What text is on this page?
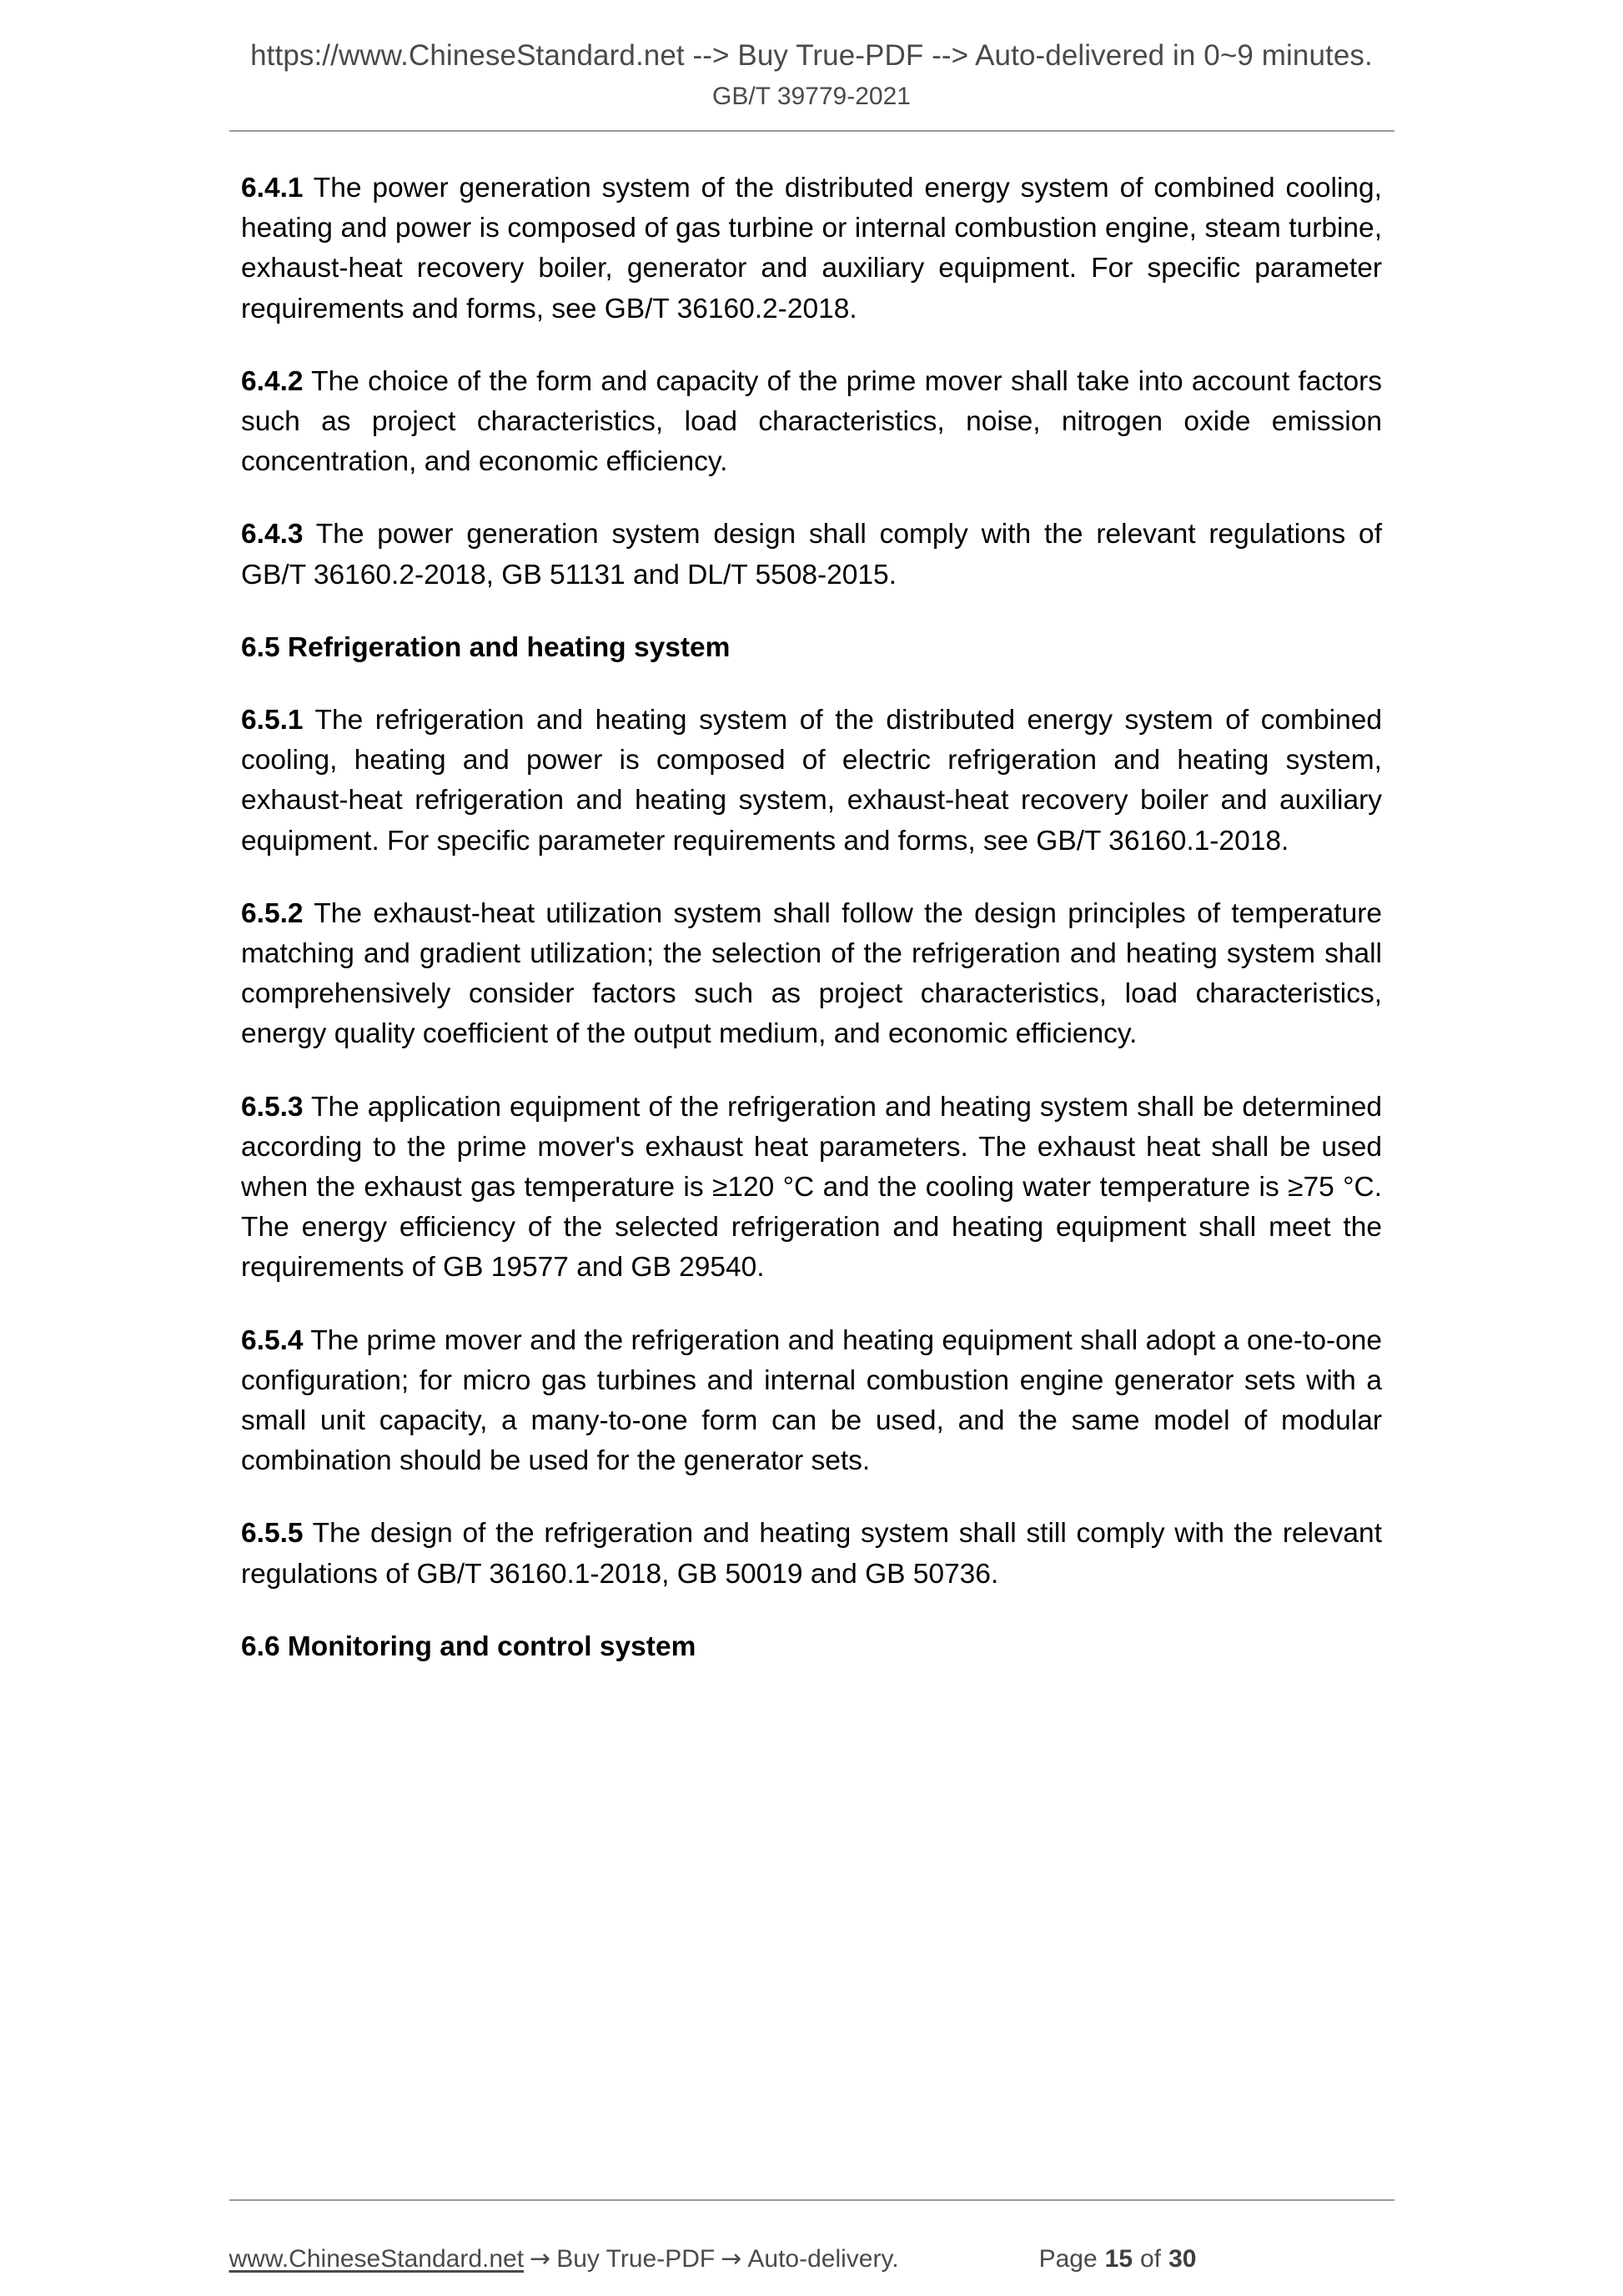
https://www.ChineseStandard.net --> Buy True-PDF --> Auto-delivered in 0~9 minutes.
GB/T 39779-2021

6.4.1 The power generation system of the distributed energy system of combined cooling, heating and power is composed of gas turbine or internal combustion engine, steam turbine, exhaust-heat recovery boiler, generator and auxiliary equipment. For specific parameter requirements and forms, see GB/T 36160.2-2018.

6.4.2 The choice of the form and capacity of the prime mover shall take into account factors such as project characteristics, load characteristics, noise, nitrogen oxide emission concentration, and economic efficiency.

6.4.3 The power generation system design shall comply with the relevant regulations of GB/T 36160.2-2018, GB 51131 and DL/T 5508-2015.

6.5 Refrigeration and heating system

6.5.1 The refrigeration and heating system of the distributed energy system of combined cooling, heating and power is composed of electric refrigeration and heating system, exhaust-heat refrigeration and heating system, exhaust-heat recovery boiler and auxiliary equipment. For specific parameter requirements and forms, see GB/T 36160.1-2018.

6.5.2 The exhaust-heat utilization system shall follow the design principles of temperature matching and gradient utilization; the selection of the refrigeration and heating system shall comprehensively consider factors such as project characteristics, load characteristics, energy quality coefficient of the output medium, and economic efficiency.

6.5.3 The application equipment of the refrigeration and heating system shall be determined according to the prime mover's exhaust heat parameters. The exhaust heat shall be used when the exhaust gas temperature is ≥120 °C and the cooling water temperature is ≥75 °C. The energy efficiency of the selected refrigeration and heating equipment shall meet the requirements of GB 19577 and GB 29540.

6.5.4 The prime mover and the refrigeration and heating equipment shall adopt a one-to-one configuration; for micro gas turbines and internal combustion engine generator sets with a small unit capacity, a many-to-one form can be used, and the same model of modular combination should be used for the generator sets.

6.5.5 The design of the refrigeration and heating system shall still comply with the relevant regulations of GB/T 36160.1-2018, GB 50019 and GB 50736.

6.6 Monitoring and control system
www.ChineseStandard.net → Buy True-PDF → Auto-delivery.	Page 15 of 30
